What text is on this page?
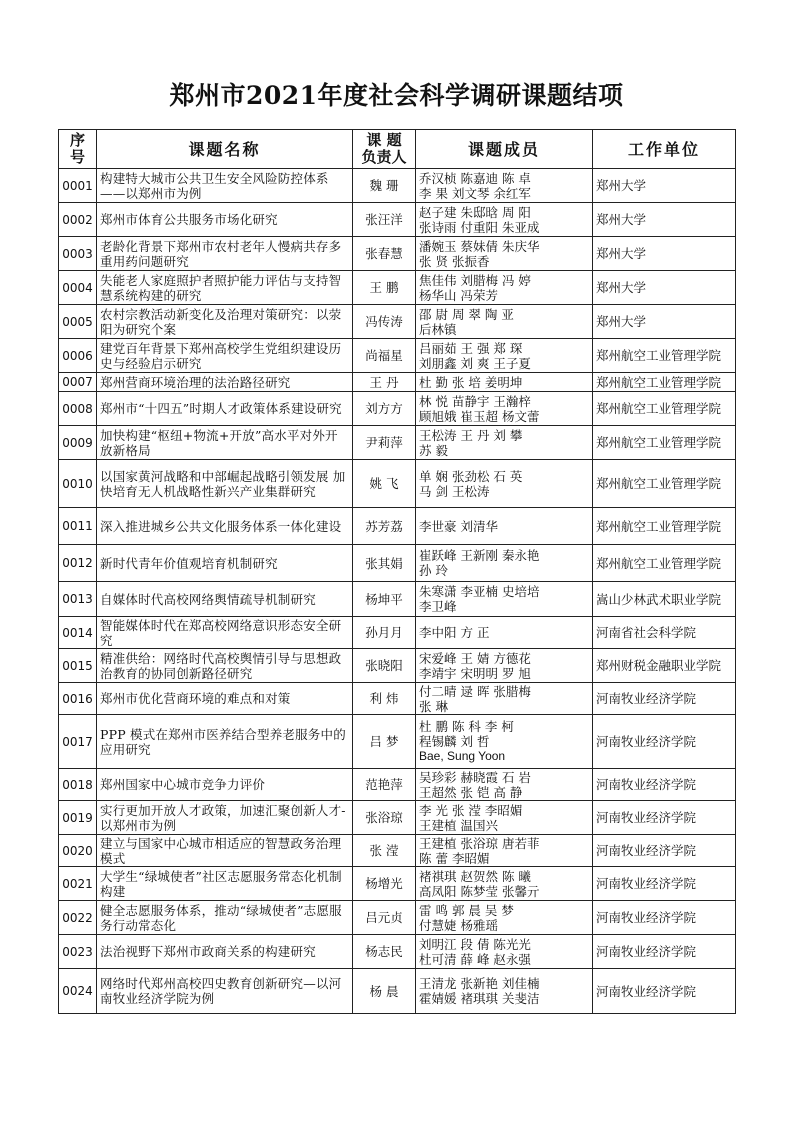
郑州市2021年度社会科学调研课题结项
序
号	课题名称	课 题
负责人	课题成员	工作单位
0001	构建特大城市公共卫生安全风险防控体系——以郑州市为例	魏 珊	乔汉桢 陈嘉迪 陈 卓
李 果 刘文琴 余红军	郑州大学
0002	郑州市体育公共服务市场化研究	张汪洋	赵子建 朱邸晗 周 阳
张诗雨 付重阳 朱亚成	郑州大学
0003	老龄化背景下郑州市农村老年人慢病共存多重用药问题研究	张春慧	潘婉玉 蔡妹倩 朱庆华
张 贤 张振香	郑州大学
0004	失能老人家庭照护者照护能力评估与支持智慧系统构建的研究	王 鹏	焦佳伟 刘腊梅 冯 婷
杨华山 冯荣芳	郑州大学
0005	农村宗教活动新变化及治理对策研究：以荥阳为研究个案	冯传涛	邵 尉 周 翠 陶 亚
后林镇	郑州大学
0006	建党百年背景下郑州高校学生党组织建设历史与经验启示研究	尚福星	吕丽茹 王 强 郑 琛
刘朋鑫 刘 爽 王子夏	郑州航空工业管理学院
0007	郑州营商环境治理的法治路径研究	王 丹	杜 勤 张 培 姜明坤	郑州航空工业管理学院
0008	郑州市“十四五”时期人才政策体系建设研究	刘方方	林 悦 苗静宇 王瀚梓
顾旭娥 崔玉超 杨文蕾	郑州航空工业管理学院
0009	加快构建“枢纽+物流+开放”高水平对外开放新格局	尹莉萍	王松涛 王 丹 刘 攀
苏 毅	郑州航空工业管理学院
0010	以国家黄河战略和中部崛起战略引领发展 加快培育无人机战略性新兴产业集群研究	姚 飞	单 娴 张劲松 石 英
马 剑 王松涛	郑州航空工业管理学院
0011	深入推进城乡公共文化服务体系一体化建设	苏芳荔	李世豪 刘清华	郑州航空工业管理学院
0012	新时代青年价值观培育机制研究	张其娟	崔跃峰 王新刚 秦永艳
孙 玲	郑州航空工业管理学院
0013	自媒体时代高校网络舆情疏导机制研究	杨坤平	朱寒潇 李亚楠 史培培
李卫峰	嵩山少林武术职业学院
0014	智能媒体时代在郑高校网络意识形态安全研究	孙月月	李中阳 方 正	河南省社会科学院
0015	精准供给：网络时代高校舆情引导与思想政治教育的协同创新路径研究	张晓阳	宋爱峰 王 婧 方德花
李靖宇 宋明明 罗 旭	郑州财税金融职业学院
0016	郑州市优化营商环境的难点和对策	利 炜	付二晴 逯 晖 张腊梅
张 琳	河南牧业经济学院
0017	PPP 模式在郑州市医养结合型养老服务中的应用研究	吕 梦	杜 鹏 陈 科 李 柯
程锡麟 刘 哲
Bae, Sung Yoon	河南牧业经济学院
0018	郑州国家中心城市竞争力评价	范艳萍	吴珍彩 赫晓霞 石 岩
王超然 张 铠 高 静	河南牧业经济学院
0019	实行更加开放人才政策，加速汇聚创新人才-以郑州市为例	张浴琼	李 光 张 滢 李昭媚
王建植 温国兴	河南牧业经济学院
0020	建立与国家中心城市相适应的智慧政务治理模式	张 滢	王建植 张浴琼 唐若菲
陈 蕾 李昭媚	河南牧业经济学院
0021	大学生“绿城使者”社区志愿服务常态化机制构建	杨增光	褚祺琪 赵贺然 陈 曦
高凤阳 陈梦莹 张馨亓	河南牧业经济学院
0022	健全志愿服务体系，推动“绿城使者”志愿服务行动常态化	吕元贞	雷 鸣 郭 晨 吴 梦
付慧婕 杨雅瑶	河南牧业经济学院
0023	法治视野下郑州市政商关系的构建研究	杨志民	刘明江 段 倩 陈光光
杜可清 薛 峰 赵永强	河南牧业经济学院
0024	网络时代郑州高校四史教育创新研究—以河南牧业经济学院为例	杨 晨	王清龙 张新艳 刘佳楠
霍婧媛 褚琪琪 关斐洁	河南牧业经济学院
